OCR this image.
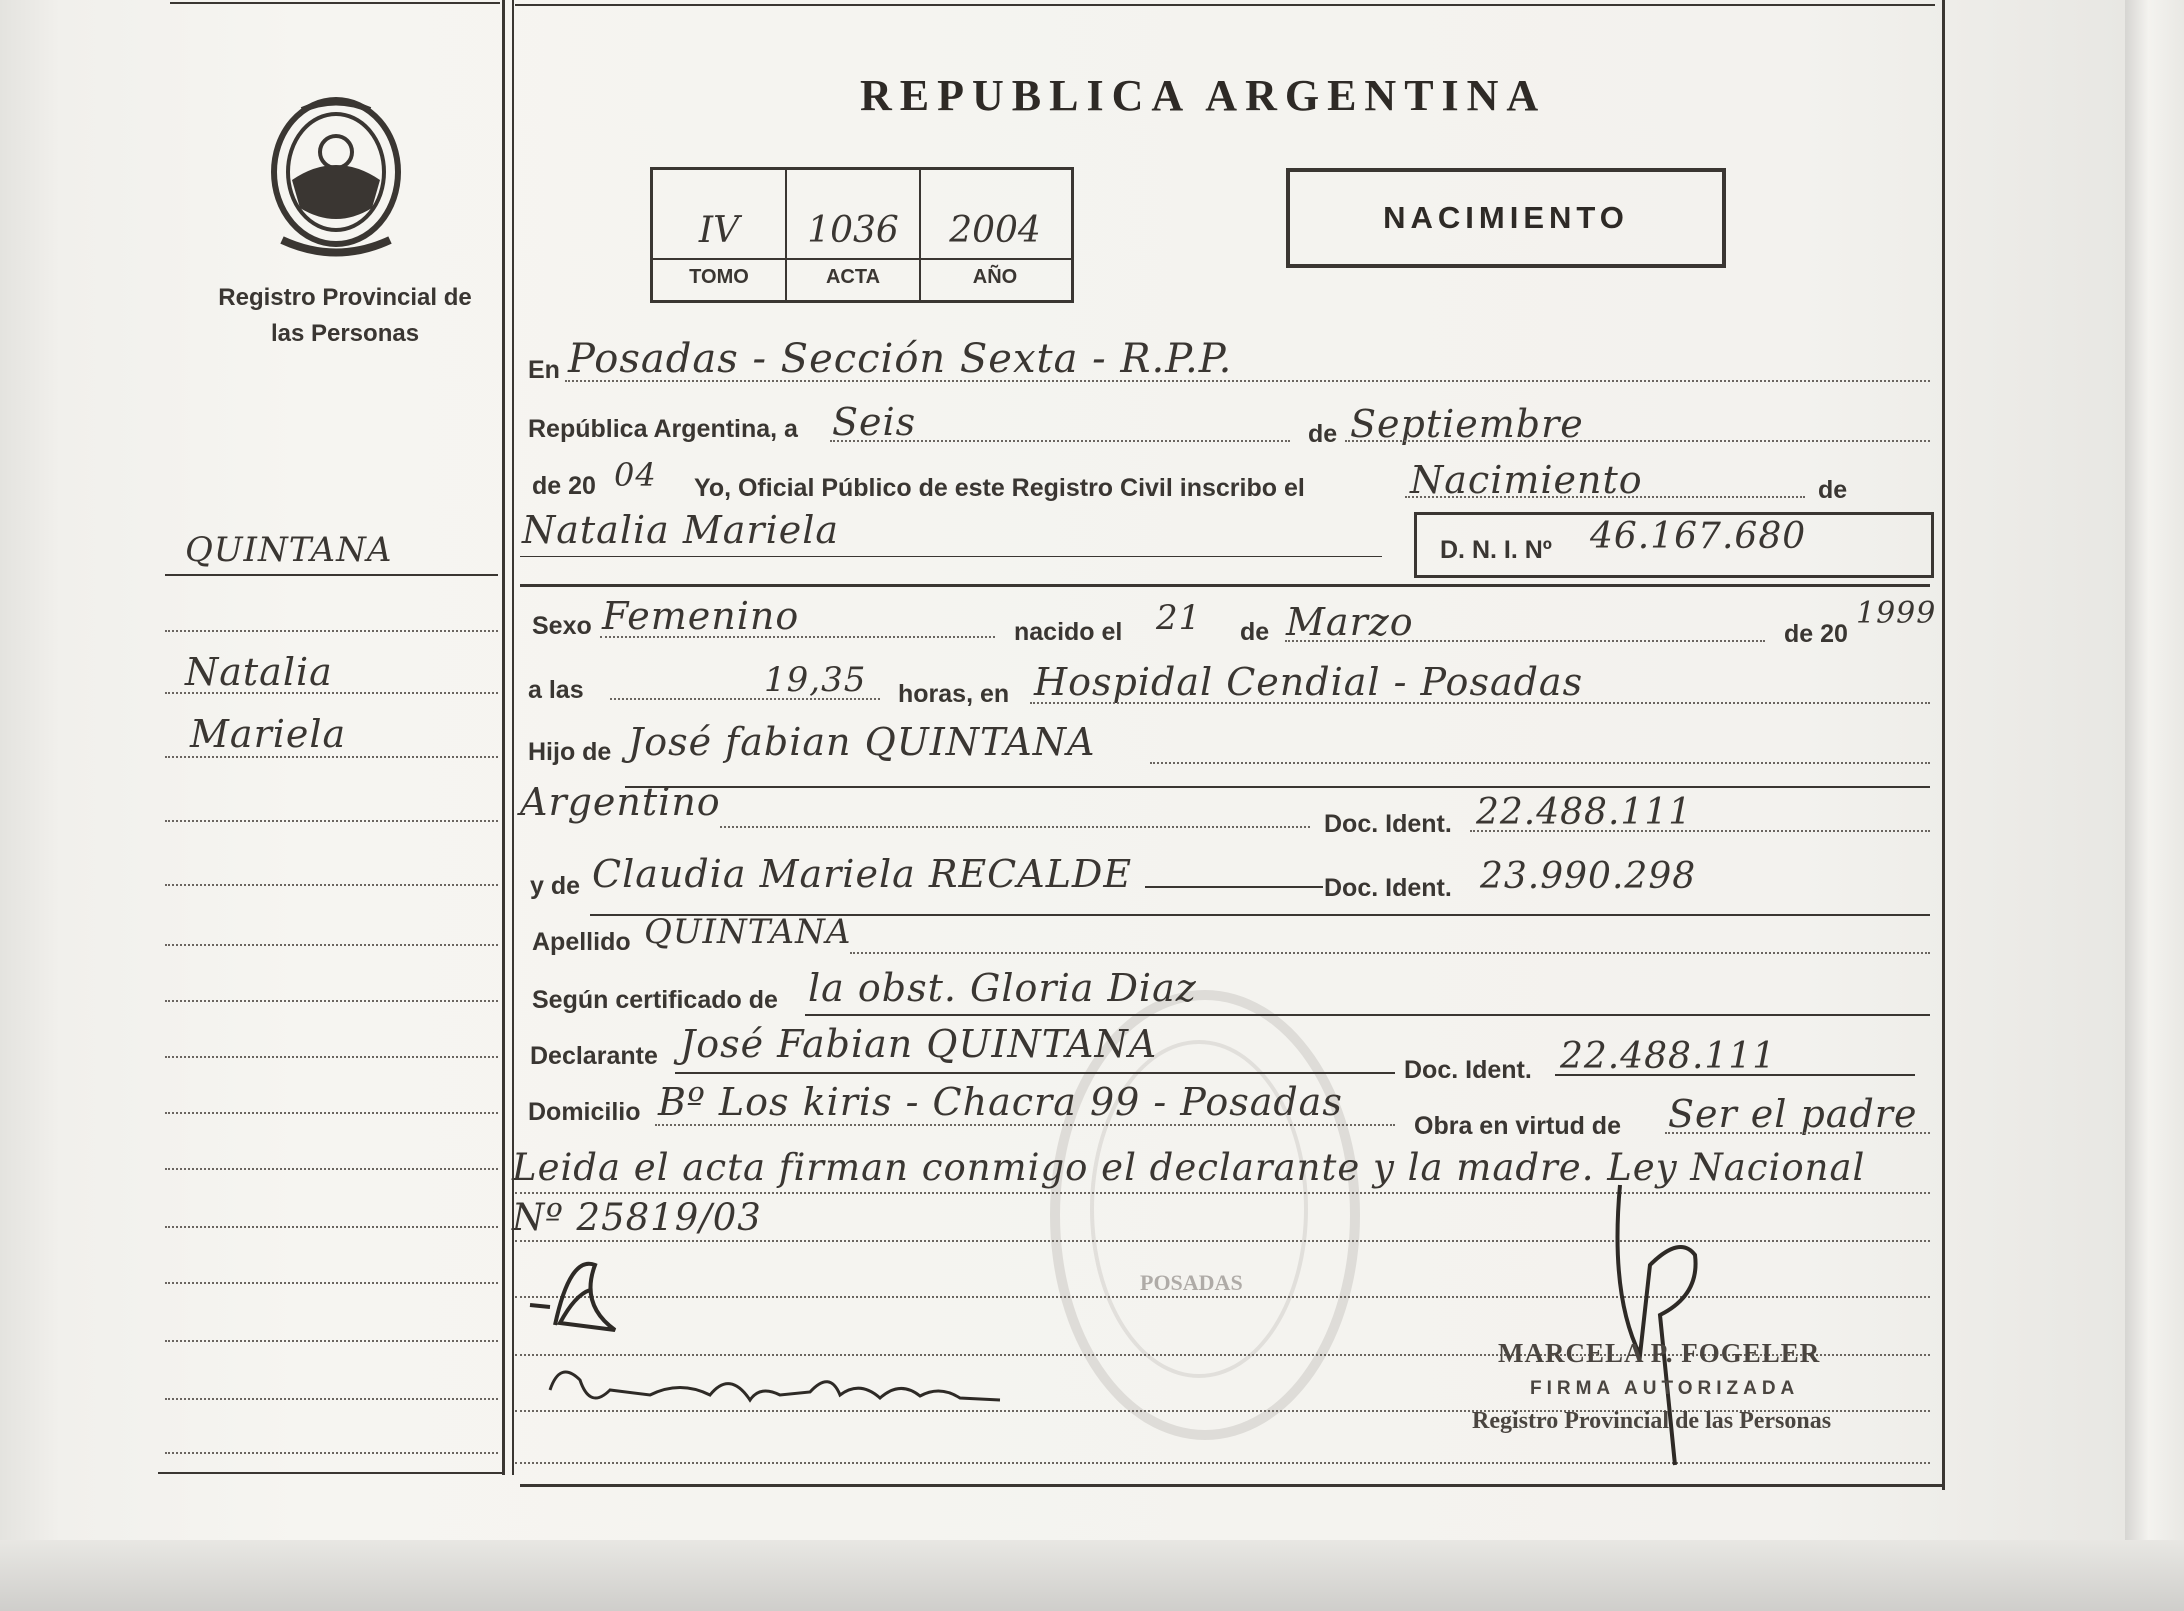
Registro Provincial de las Personas
REPUBLICA ARGENTINA
IV	1036	2004
TOMO	ACTA	AÑO
NACIMIENTO
QUINTANA
Natalia
Mariela
POSADAS
En Posadas - Sección Sexta - R.P.P.
República Argentina, a Seis	de Septiembre
de 20 04 Yo, Oficial Público de este Registro Civil inscribo el	Nacimiento	de
Natalia Mariela	D. N. I. Nº 46.167.680
Sexo Femenino	nacido el 21 de Marzo	de 20
1999
a las	19,35 horas, en Hospidal Cendial - Posadas
Hijo de José fabian QUINTANA
Argentino	Doc. Ident. 22.488.111
y de Claudia Mariela RECALDE	Doc. Ident. 23.990.298
Apellido QUINTANA
Según certificado de la obst. Gloria Diaz
Declarante José Fabian QUINTANA
Doc. Ident. 22.488.111
Domicilio Bº Los kiris - Chacra 99 - Posadas
Obra en virtud de Ser el padre
Leida el acta firman conmigo el declarante y la madre. Ley Nacional
Nº 25819/03
MARCELA P. FOGELER
FIRMA AUTORIZADA
Registro Provincial de las Personas
